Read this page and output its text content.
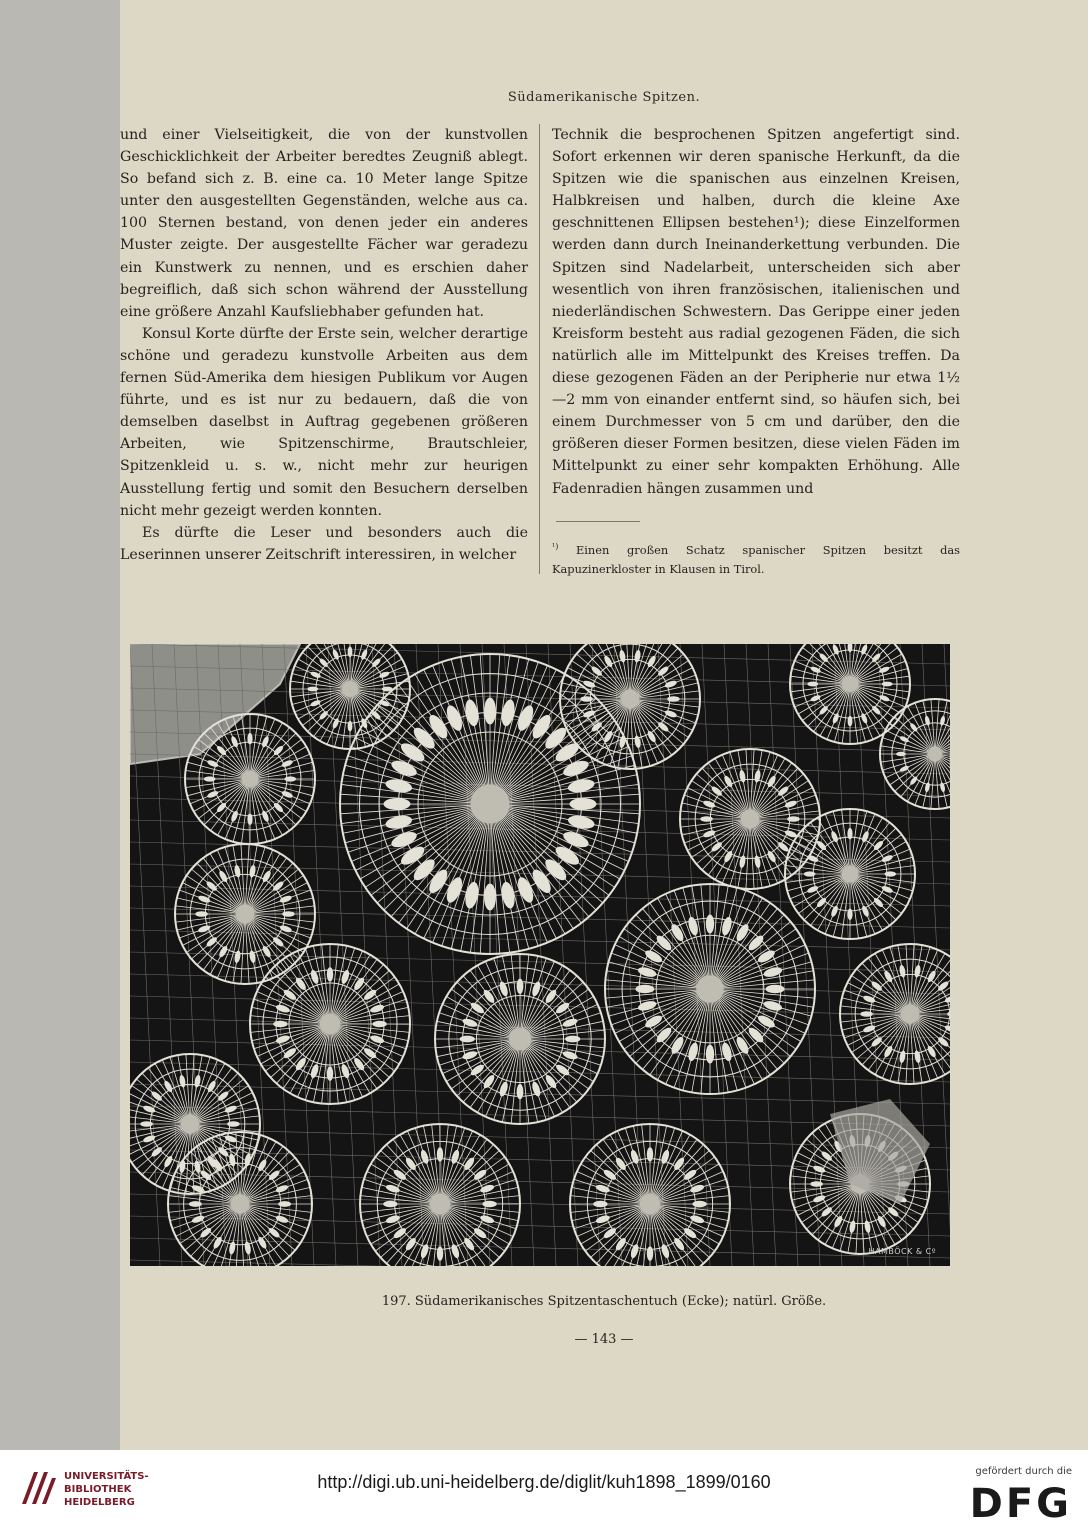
Südamerikanische Spitzen.

und einer Vielseitigkeit, die von der kunstvollen Geschicklichkeit der Arbeiter beredtes Zeugniß ablegt. So befand sich z. B. eine ca. 10 Meter lange Spitze unter den ausgestellten Gegenständen, welche aus ca. 100 Sternen bestand, von denen jeder ein anderes Muster zeigte. Der ausgestellte Fächer war geradezu ein Kunstwerk zu nennen, und es erschien daher begreiflich, daß sich schon während der Ausstellung eine größere Anzahl Kaufsliebhaber gefunden hat.

Konsul Korte dürfte der Erste sein, welcher derartige schöne und geradezu kunstvolle Arbeiten aus dem fernen Süd-Amerika dem hiesigen Publikum vor Augen führte, und es ist nur zu bedauern, daß die von demselben daselbst in Auftrag gegebenen größeren Arbeiten, wie Spitzenschirme, Brautschleier, Spitzenkleid u. s. w., nicht mehr zur heurigen Ausstellung fertig und somit den Besuchern derselben nicht mehr gezeigt werden konnten.

Es dürfte die Leser und besonders auch die Leserinnen unserer Zeitschrift interessiren, in welcher

Technik die besprochenen Spitzen angefertigt sind. Sofort erkennen wir deren spanische Herkunft, da die Spitzen wie die spanischen aus einzelnen Kreisen, Halbkreisen und halben, durch die kleine Axe geschnittenen Ellipsen bestehen¹); diese Einzelformen werden dann durch Ineinanderkettung verbunden. Die Spitzen sind Nadelarbeit, unterscheiden sich aber wesentlich von ihren französischen, italienischen und niederländischen Schwestern. Das Gerippe einer jeden Kreisform besteht aus radial gezogenen Fäden, die sich natürlich alle im Mittelpunkt des Kreises treffen. Da diese gezogenen Fäden an der Peripherie nur etwa 1½—2 mm von einander entfernt sind, so häufen sich, bei einem Durchmesser von 5 cm und darüber, den die größeren dieser Formen besitzen, diese vielen Fäden im Mittelpunkt zu einer sehr kompakten Erhöhung. Alle Fadenradien hängen zusammen und

$^{^1)}$ Einen großen Schatz spanischer Spitzen besitzt das Kapuzinerkloster in Klausen in Tirol.
HAMBÖCK & Cº
197. Südamerikanisches Spitzentaschentuch (Ecke); natürl. Größe.
— 143 —
UNIVERSITÄTS-
BIBLIOTHEK
HEIDELBERG
http://digi.ub.uni-heidelberg.de/diglit/kuh1898_1899/0160
gefördert durch die
DFG
